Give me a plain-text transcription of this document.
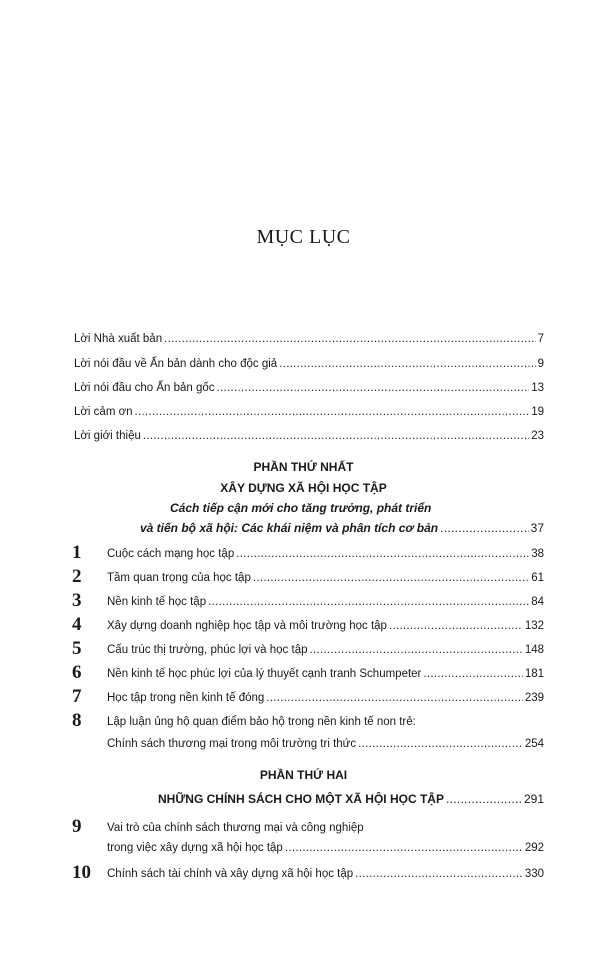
MỤC LỤC
Lời Nhà xuất bản .....	7
Lời nói đầu về Ấn bản dành cho độc giả .....	9
Lời nói đầu cho Ấn bản gốc .....	13
Lời cảm ơn .....	19
Lời giới thiệu .....	23
PHẦN THỨ NHẤT
XÂY DỰNG XÃ HỘI HỌC TẬP
Cách tiếp cận mới cho tăng trưởng, phát triển
và tiến bộ xã hội: Các khái niệm và phân tích cơ bản .....	37
1 Cuộc cách mạng học tập .....	38
2 Tầm quan trọng của học tập .....	61
3 Nền kinh tế học tập .....	84
4 Xây dựng doanh nghiệp học tập và môi trường học tập .....	132
5 Cấu trúc thị trường, phúc lợi và học tập .....	148
6 Nền kinh tế học phúc lợi của lý thuyết cạnh tranh Schumpeter .....	181
7 Học tập trong nền kinh tế đóng .....	239
8 Lập luận ủng hộ quan điểm bảo hộ trong nền kinh tế non trẻ:
Chính sách thương mại trong môi trường tri thức .....	254
PHẦN THỨ HAI
NHỮNG CHÍNH SÁCH CHO MỘT XÃ HỘI HỌC TẬP .....	291
9 Vai trò của chính sách thương mại và công nghiệp
trong việc xây dựng xã hội học tập .....	292
10 Chính sách tài chính và xây dựng xã hội học tập .....	330
